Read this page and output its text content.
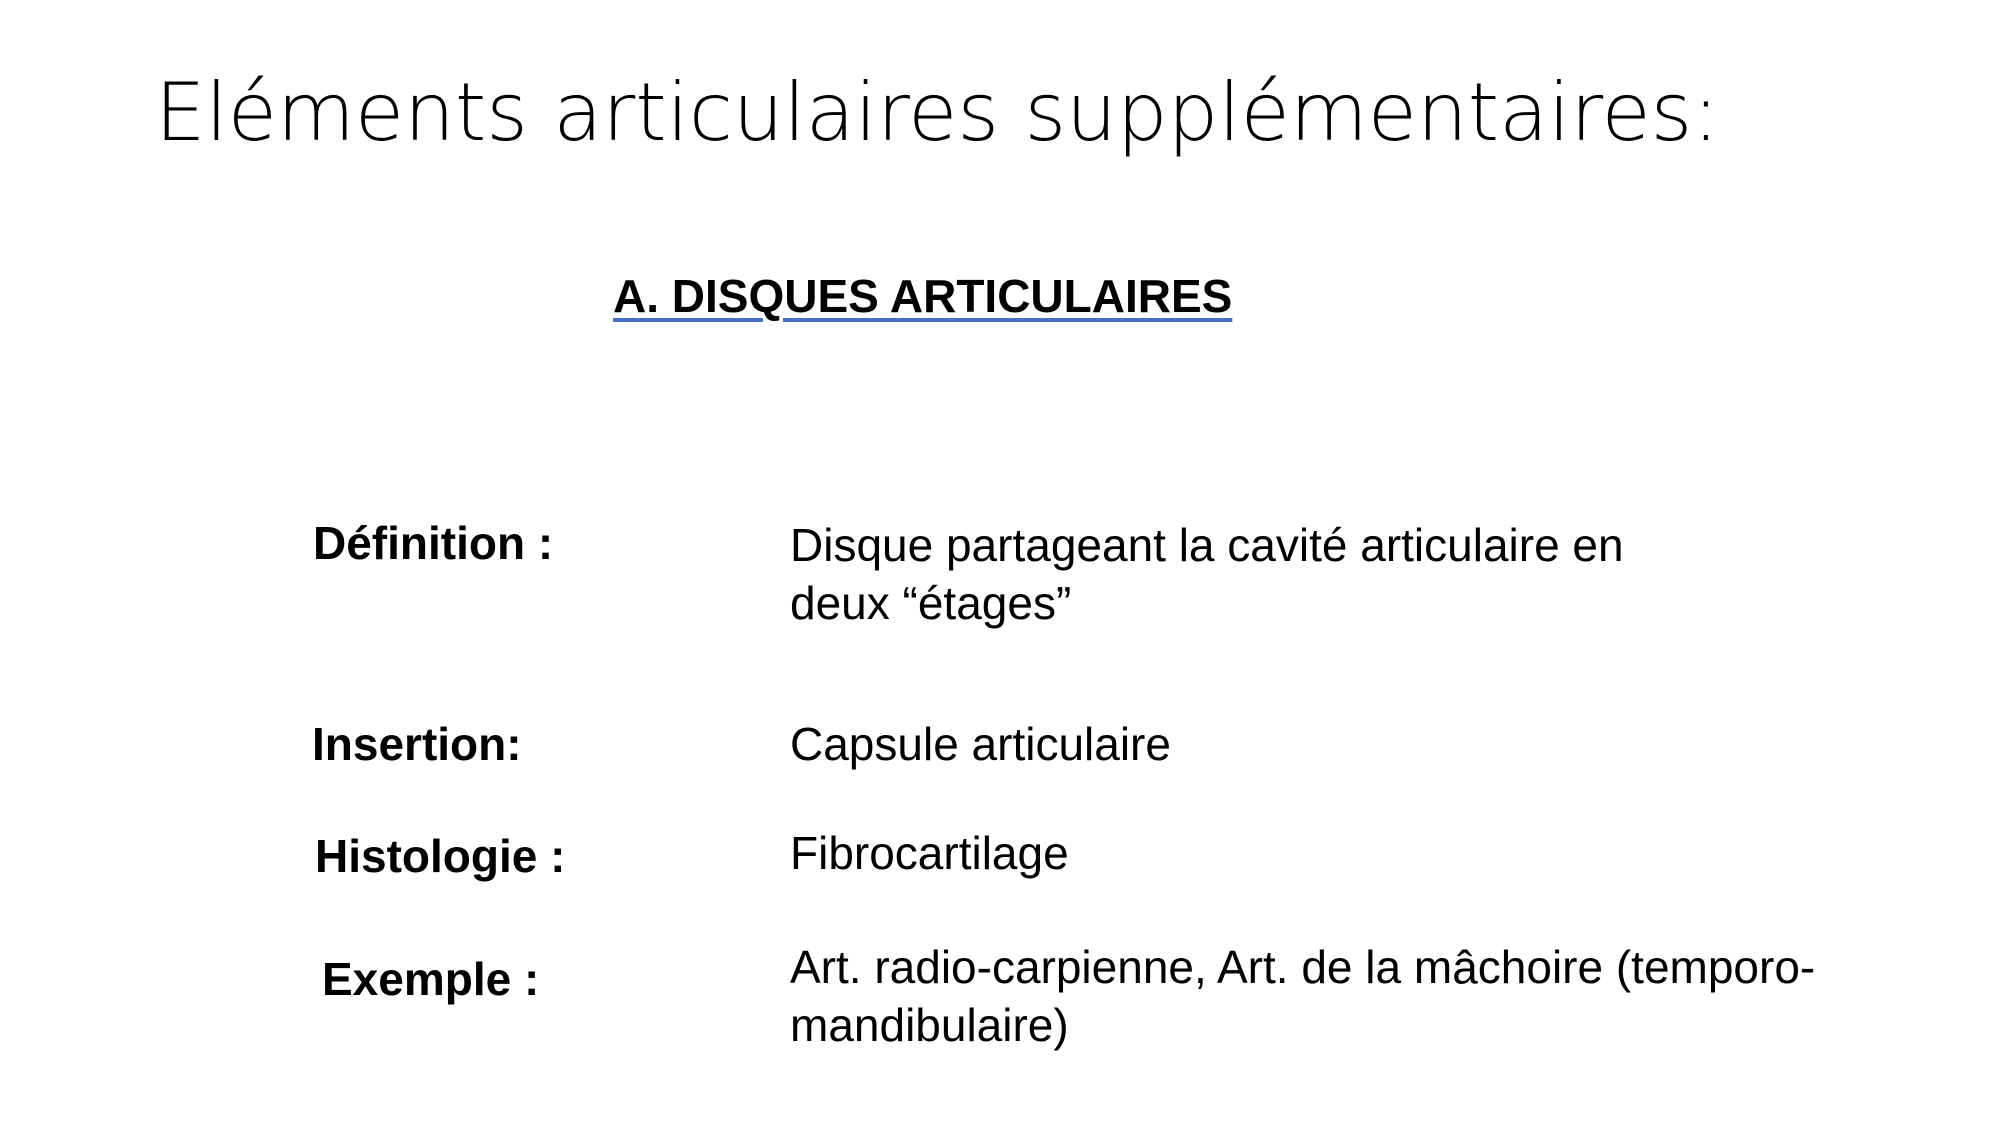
Eléments articulaires supplémentaires:
A. DISQUES ARTICULAIRES
Définition :	Disque partageant la cavité articulaire en
deux “étages”
Insertion:	Capsule articulaire
Histologie :	Fibrocartilage
Exemple :	Art. radio-carpienne, Art. de la mâchoire (temporo-
mandibulaire)
